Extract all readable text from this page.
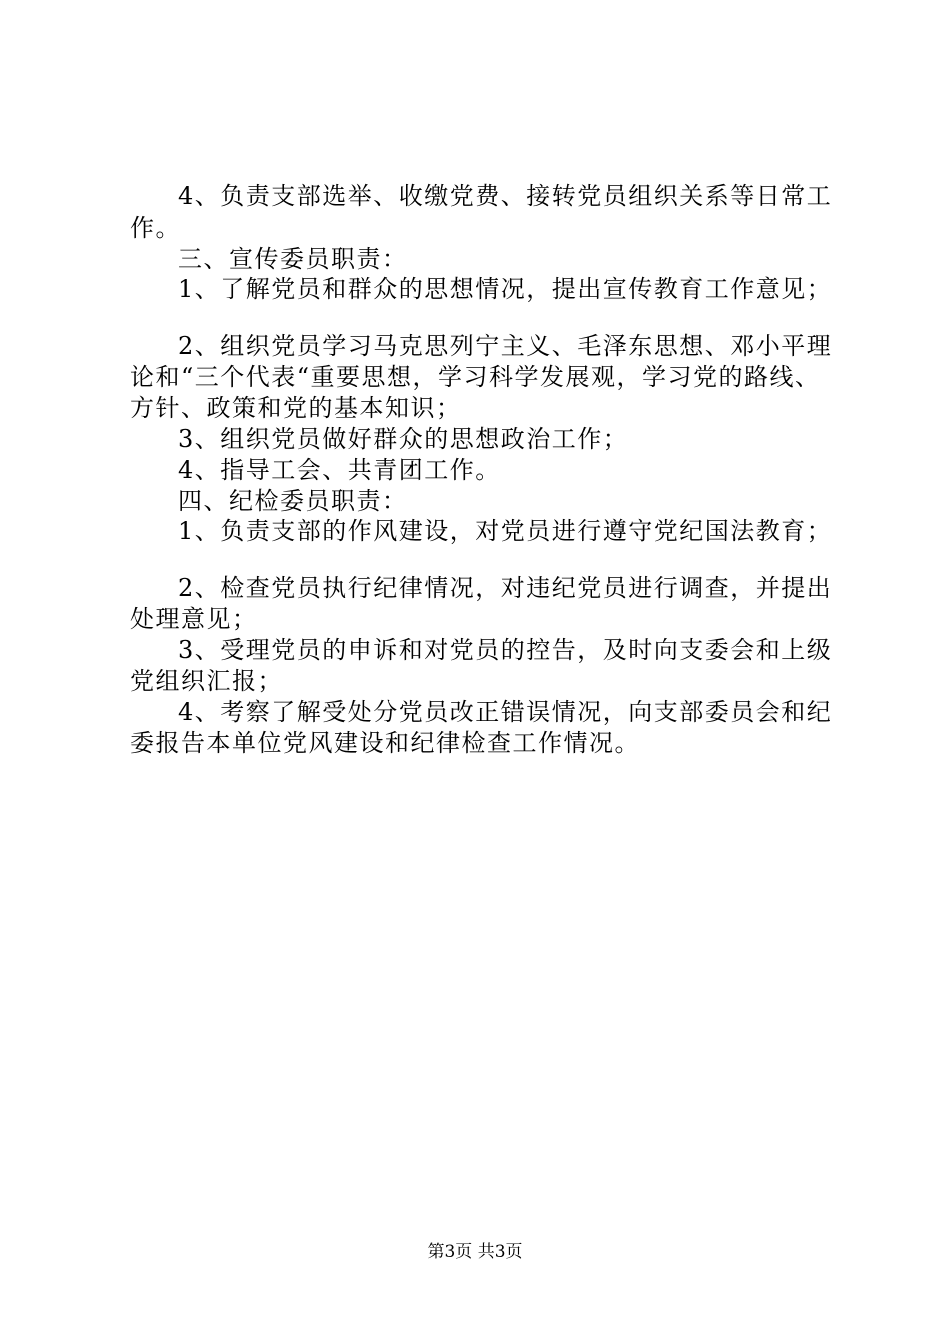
4、负责支部选举、收缴党费、接转党员组织关系等日常工
作。
三、宣传委员职责：
1、了解党员和群众的思想情况，提出宣传教育工作意见；
2、组织党员学习马克思列宁主义、毛泽东思想、邓小平理
论和“三个代表“重要思想，学习科学发展观，学习党的路线、
方针、政策和党的基本知识；
3、组织党员做好群众的思想政治工作；
4、指导工会、共青团工作。
四、纪检委员职责：
1、负责支部的作风建设，对党员进行遵守党纪国法教育；
2、检查党员执行纪律情况，对违纪党员进行调查，并提出
处理意见；
3、受理党员的申诉和对党员的控告，及时向支委会和上级
党组织汇报；
4、考察了解受处分党员改正错误情况，向支部委员会和纪
委报告本单位党风建设和纪律检查工作情况。
第3页 共3页
